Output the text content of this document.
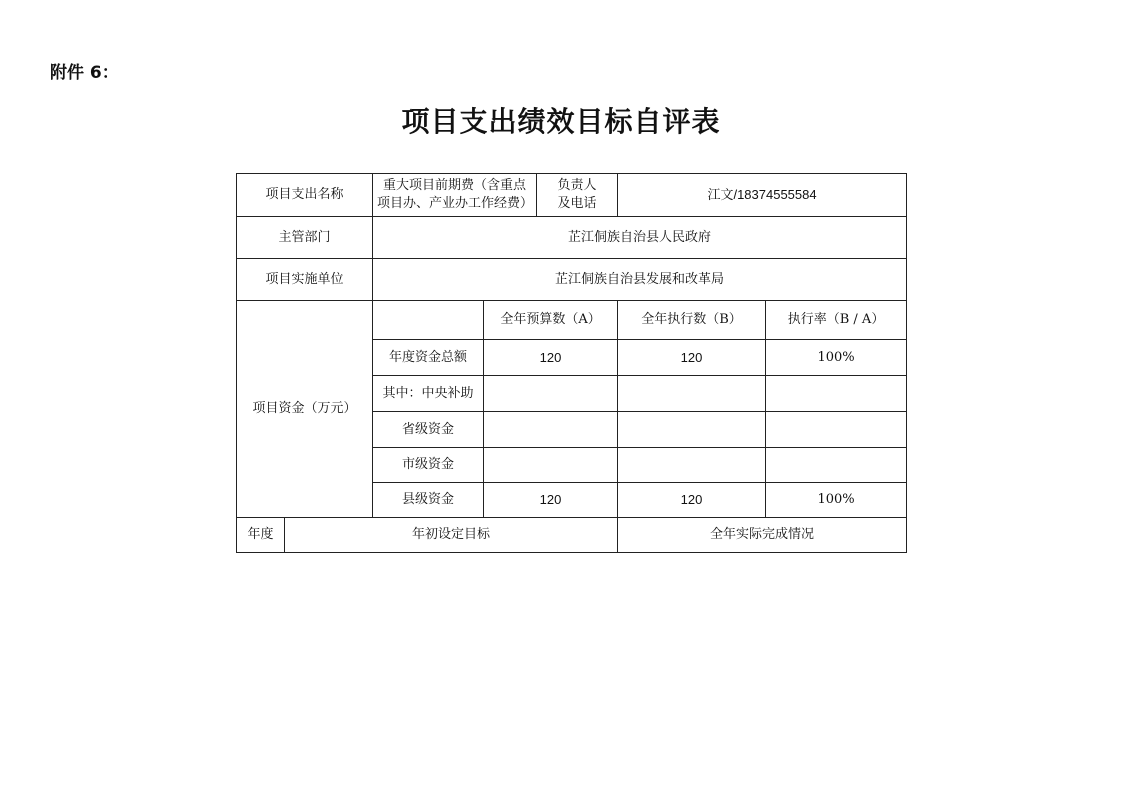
附件 6：
项目支出绩效目标自评表
项目支出名称		重大项目前期费（含重点项目办、产业办工作经费）		负责人及电话	江文/18374555584	
主管部门		芷江侗族自治县人民政府				
项目实施单位		芷江侗族自治县发展和改革局				
项目资金（万元）			全年预算数（A）		全年执行数（B）	执行率（B / A）
		年度资金总额	120		120	100%
		其中：中央补助				
		省级资金				
		市级资金				
		县级资金	120		120	100%
年度	年初设定目标				全年实际完成情况	
